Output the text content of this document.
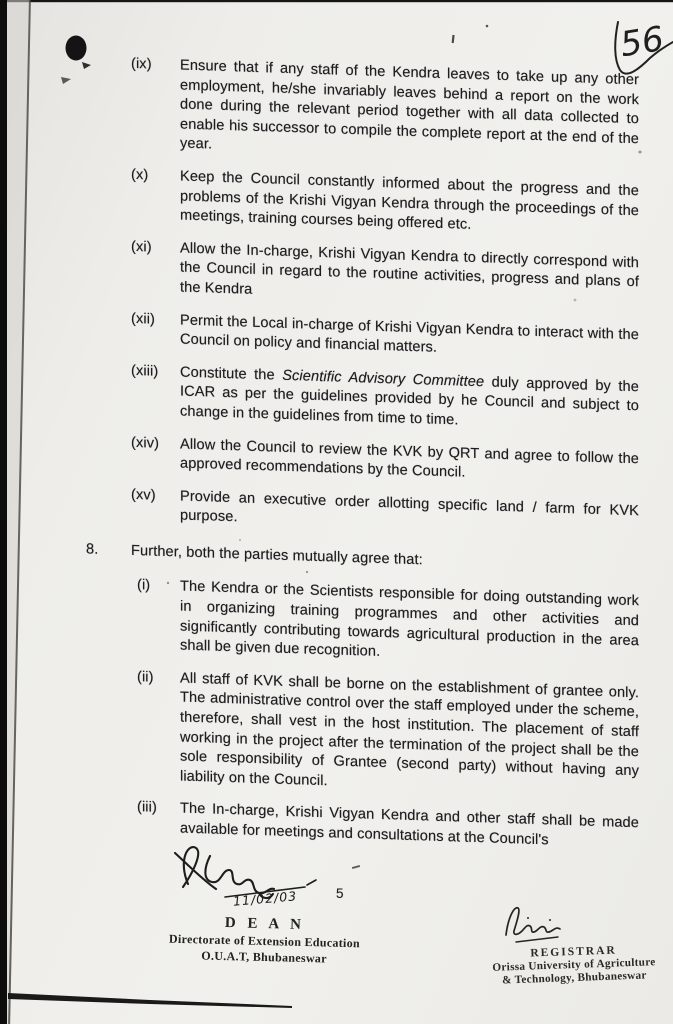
(ix)	Ensure that if any staff of the Kendra leaves to take up any other employment, he/she invariably leaves behind a report on the work done during the relevant period together with all data collected to enable his successor to compile the complete report at the end of the year.
(x)	Keep the Council constantly informed about the progress and the problems of the Krishi Vigyan Kendra through the proceedings of the meetings, training courses being offered etc.
(xi)	Allow the In-charge, Krishi Vigyan Kendra to directly correspond with the Council in regard to the routine activities, progress and plans of the Kendra
(xii)	Permit the Local in-charge of Krishi Vigyan Kendra to interact with the Council on policy and financial matters.
(xiii)	Constitute the Scientific Advisory Committee duly approved by the ICAR as per the guidelines provided by he Council and subject to change in the guidelines from time to time.
(xiv)	Allow the Council to review the KVK by QRT and agree to follow the approved recommendations by the Council.
(xv)	Provide an executive order allotting specific land / farm for KVK purpose.
8.	Further, both the parties mutually agree that:
(i)	The Kendra or the Scientists responsible for doing outstanding work in organizing training programmes and other activities and significantly contributing towards agricultural production in the area shall be given due recognition.
(ii)	All staff of KVK shall be borne on the establishment of grantee only. The administrative control over the staff employed under the scheme, therefore, shall vest in the host institution. The placement of staff working in the project after the termination of the project shall be the sole responsibility of Grantee (second party) without having any liability on the Council.
(iii)	The In-charge, Krishi Vigyan Kendra and other staff shall be made available for meetings and consultations at the Council's
56
11/02/03	5
D E A N
Directorate of Extension Education
O.U.A.T, Bhubaneswar	REGISTRAR
Orissa University of Agriculture
& Technology, Bhubaneswar
